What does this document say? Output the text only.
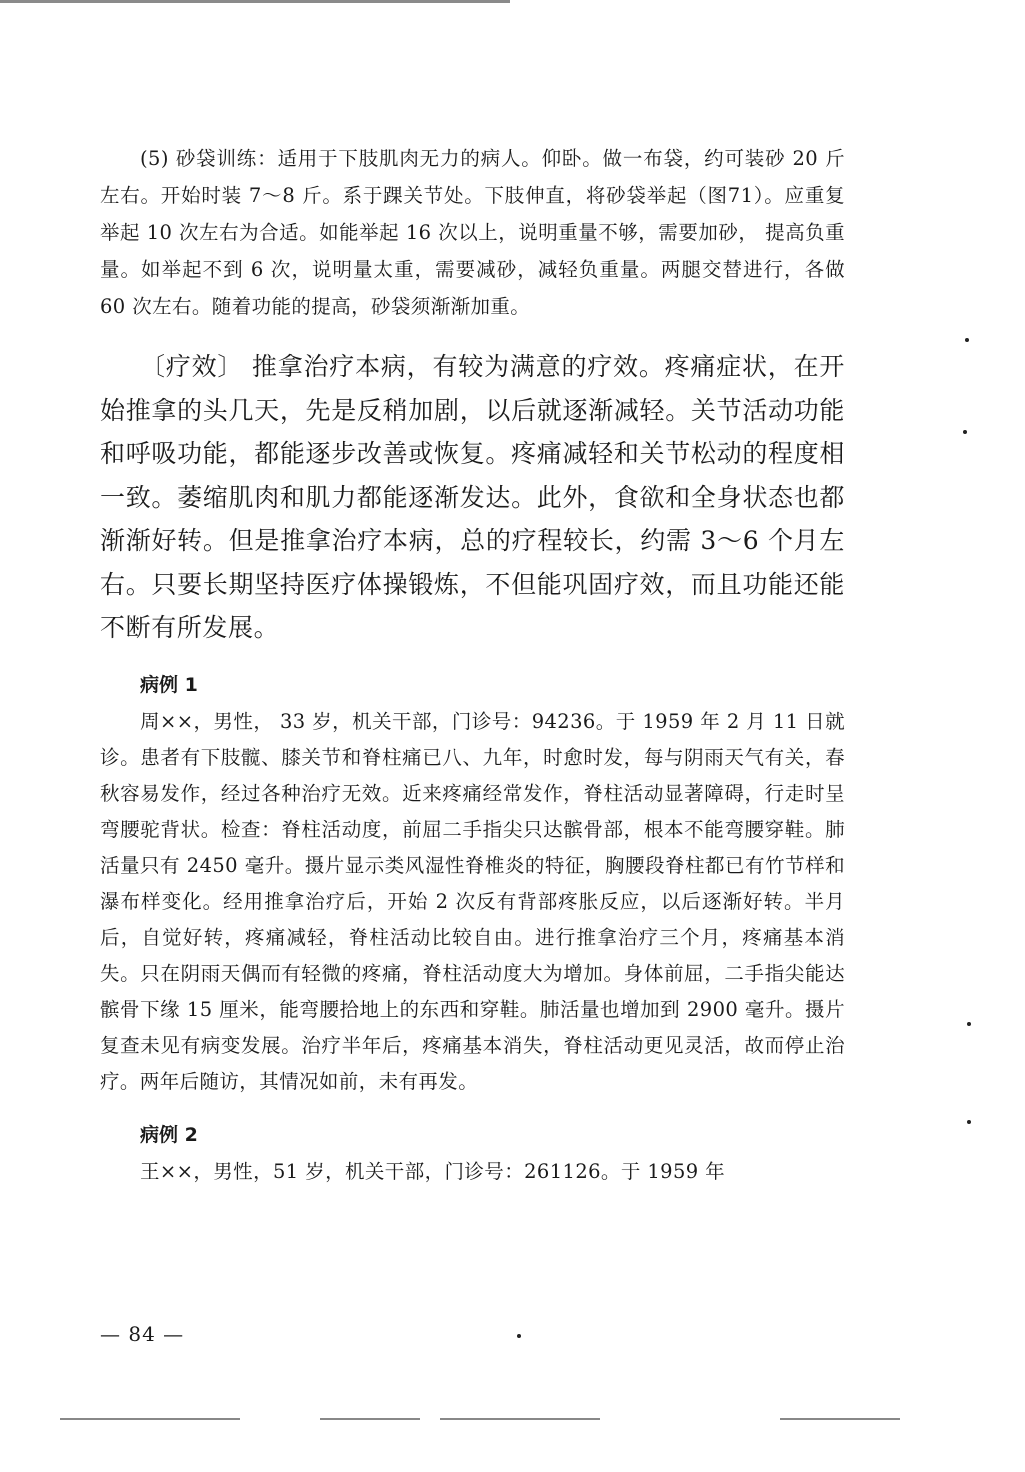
(5) 砂袋训练：适用于下肢肌肉无力的病人。仰卧。做一布袋，约可装砂 20 斤左右。开始时装 7～8 斤。系于踝关节处。下肢伸直，将砂袋举起（图71）。应重复举起 10 次左右为合适。如能举起 16 次以上，说明重量不够，需要加砂， 提高负重量。如举起不到 6 次，说明量太重，需要减砂，减轻负重量。两腿交替进行，各做 60 次左右。随着功能的提高，砂袋须渐渐加重。

〔疗效〕 推拿治疗本病，有较为满意的疗效。疼痛症状，在开始推拿的头几天，先是反稍加剧，以后就逐渐减轻。关节活动功能和呼吸功能，都能逐步改善或恢复。疼痛减轻和关节松动的程度相一致。萎缩肌肉和肌力都能逐渐发达。此外，食欲和全身状态也都渐渐好转。但是推拿治疗本病，总的疗程较长，约需 3～6 个月左右。只要长期坚持医疗体操锻炼，不但能巩固疗效，而且功能还能不断有所发展。

病例 1

周××，男性， 33 岁，机关干部，门诊号：94236。于 1959 年 2 月 11 日就诊。患者有下肢髋、膝关节和脊柱痛已八、九年，时愈时发，每与阴雨天气有关，春秋容易发作，经过各种治疗无效。近来疼痛经常发作，脊柱活动显著障碍，行走时呈弯腰驼背状。检查：脊柱活动度，前屈二手指尖只达髌骨部，根本不能弯腰穿鞋。肺活量只有 2450 毫升。摄片显示类风湿性脊椎炎的特征，胸腰段脊柱都已有竹节样和瀑布样变化。经用推拿治疗后，开始 2 次反有背部疼胀反应，以后逐渐好转。半月后，自觉好转，疼痛减轻，脊柱活动比较自由。进行推拿治疗三个月，疼痛基本消失。只在阴雨天偶而有轻微的疼痛，脊柱活动度大为增加。身体前屈，二手指尖能达髌骨下缘 15 厘米，能弯腰拾地上的东西和穿鞋。肺活量也增加到 2900 毫升。摄片复查未见有病变发展。治疗半年后，疼痛基本消失，脊柱活动更见灵活，故而停止治疗。两年后随访，其情况如前，未有再发。

病例 2

王××，男性，51 岁，机关干部，门诊号：261126。于 1959 年

— 84 —
